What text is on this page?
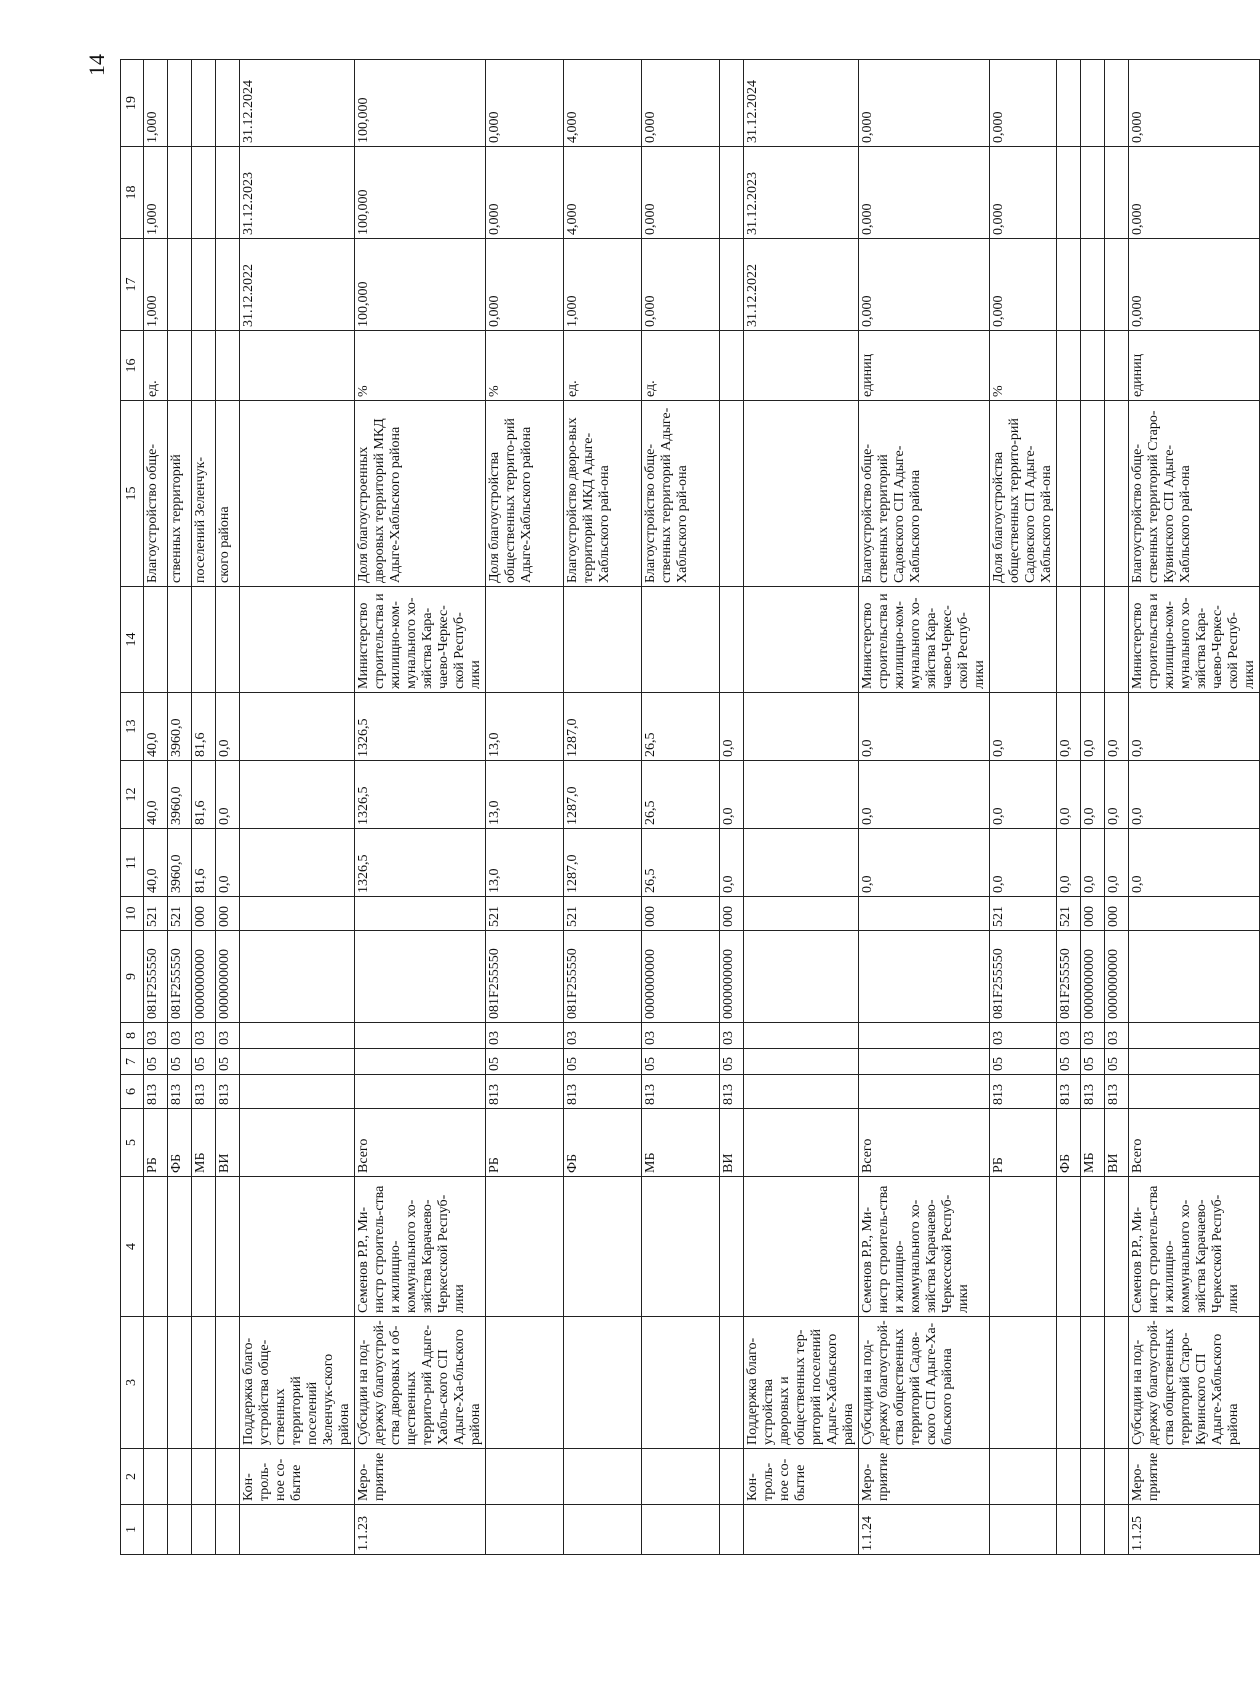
14
1	2	3	4	5	6	7	8	9	10	11	12	13	14	15	16	17	18	19
				РБ	813	05	03	081F255550	521	40,0	40,0	40,0		Благоустройство обще-	ед.	1,000	1,000	1,000
				ФБ	813	05	03	081F255550	521	3960,0	3960,0	3960,0		ственных территорий				
				МБ	813	05	03	0000000000	000	81,6	81,6	81,6		поселений Зеленчук-				
				ВИ	813	05	03	0000000000	000	0,0	0,0	0,0		ского района				
	Кон-троль-ное со-бытие	Поддержка благо-устройства обще-ственных территорий поселений Зеленчук-ского района														31.12.2022	31.12.2023	31.12.2024
1.1.23	Меро-приятие	Субсидии на под-держку благоустрой-ства дворовых и об-щественных террито-рий Адыге-Хабль-ского СП Адыге-Ха-бльского района	Семенов Р.Р., Ми-нистр строитель-ства и жилищно-коммунального хо-зяйства Карачаево-Черкесской Респуб-лики	Всего						1326,5	1326,5	1326,5	Министерство строительства и жилищно-ком-мунального хо-зяйства Кара-чаево-Черкес-ской Респуб-лики	Доля благоустроенных дворовых территорий МКД Адыге-Хабльского района	%	100,000	100,000	100,000
				РБ	813	05	03	081F255550	521	13,0	13,0	13,0		Доля благоустройства общественных террито-рий Адыге-Хабльского района	%	0,000	0,000	0,000
				ФБ	813	05	03	081F255550	521	1287,0	1287,0	1287,0		Благоустройство дворо-вых территорий МКД Адыге-Хабльского рай-она	ед.	1,000	4,000	4,000
				МБ	813	05	03	0000000000	000	26,5	26,5	26,5		Благоустройство обще-ственных территорий Адыге-Хабльского рай-она	ед.	0,000	0,000	0,000
				ВИ	813	05	03	0000000000	000	0,0	0,0	0,0						
	Кон-троль-ное со-бытие	Поддержка благо-устройства дворовых и общественных тер-риторий поселений Адыге-Хабльского района														31.12.2022	31.12.2023	31.12.2024
1.1.24	Меро-приятие	Субсидии на под-держку благоустрой-ства общественных территорий Садов-ского СП Адыге-Ха-бльского района	Семенов Р.Р., Ми-нистр строитель-ства и жилищно-коммунального хо-зяйства Карачаево-Черкесской Респуб-лики	Всего						0,0	0,0	0,0	Министерство строительства и жилищно-ком-мунального хо-зяйства Кара-чаево-Черкес-ской Респуб-лики	Благоустройство обще-ственных территорий Садовского СП Адыге-Хабльского района	единиц	0,000	0,000	0,000
				РБ	813	05	03	081F255550	521	0,0	0,0	0,0		Доля благоустройства общественных террито-рий Садовского СП Адыге-Хабльского рай-она	%	0,000	0,000	0,000
				ФБ	813	05	03	081F255550	521	0,0	0,0	0,0						
				МБ	813	05	03	0000000000	000	0,0	0,0	0,0						
				ВИ	813	05	03	0000000000	000	0,0	0,0	0,0						
1.1.25	Меро-приятие	Субсидии на под-держку благоустрой-ства общественных территорий Старо-Кувинского СП Адыге-Хабльского района	Семенов Р.Р., Ми-нистр строитель-ства и жилищно-коммунального хо-зяйства Карачаево-Черкесской Респуб-лики	Всего						0,0	0,0	0,0	Министерство строительства и жилищно-ком-мунального хо-зяйства Кара-чаево-Черкес-ской Респуб-лики	Благоустройство обще-ственных территорий Старо-Кувинского СП Адыге-Хабльского рай-она	единиц	0,000	0,000	0,000
